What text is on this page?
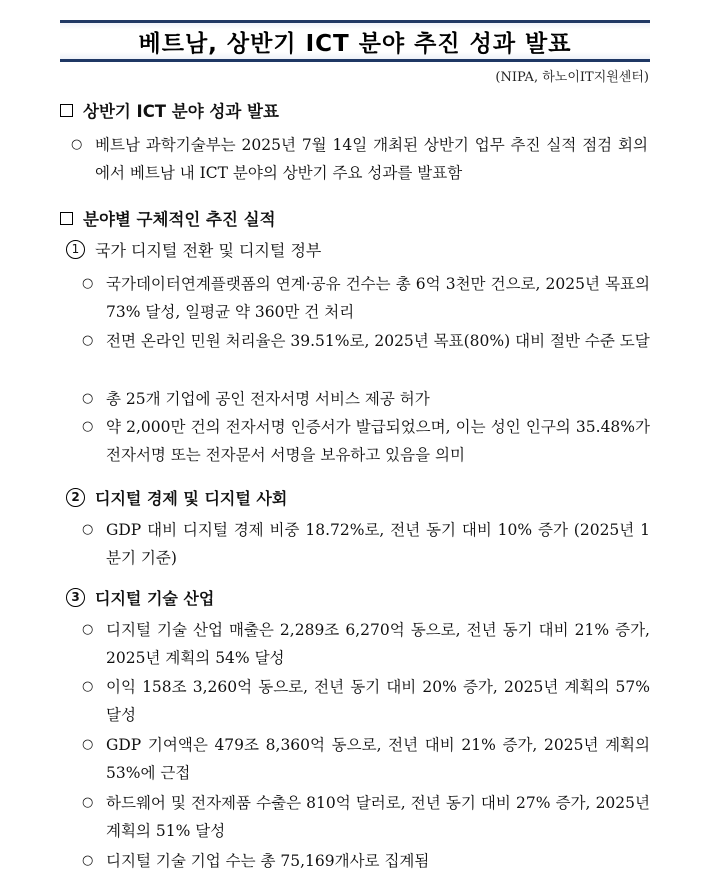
베트남, 상반기 ICT 분야 추진 성과 발표
(NIPA, 하노이IT지원센터)
상반기 ICT 분야 성과 발표
○ 베트남 과학기술부는 2025년 7월 14일 개최된 상반기 업무 추진 실적 점검 회의에서 베트남 내 ICT 분야의 상반기 주요 성과를 발표함
분야별 구체적인 추진 실적
1 국가 디지털 전환 및 디지털 정부
○ 국가데이터연계플랫폼의 연계·공유 건수는 총 6억 3천만 건으로, 2025년 목표의 73% 달성, 일평균 약 360만 건 처리
○ 전면 온라인 민원 처리율은 39.51%로, 2025년 목표(80%) 대비 절반 수준 도달
○ 총 25개 기업에 공인 전자서명 서비스 제공 허가
○ 약 2,000만 건의 전자서명 인증서가 발급되었으며, 이는 성인 인구의 35.48%가 전자서명 또는 전자문서 서명을 보유하고 있음을 의미
2 디지털 경제 및 디지털 사회
○ GDP 대비 디지털 경제 비중 18.72%로, 전년 동기 대비 10% 증가 (2025년 1분기 기준)
3 디지털 기술 산업
○ 디지털 기술 산업 매출은 2,289조 6,270억 동으로, 전년 동기 대비 21% 증가, 2025년 계획의 54% 달성
○ 이익 158조 3,260억 동으로, 전년 동기 대비 20% 증가, 2025년 계획의 57% 달성
○ GDP 기여액은 479조 8,360억 동으로, 전년 대비 21% 증가, 2025년 계획의 53%에 근접
○ 하드웨어 및 전자제품 수출은 810억 달러로, 전년 동기 대비 27% 증가, 2025년 계획의 51% 달성
○ 디지털 기술 기업 수는 총 75,169개사로 집계됨
